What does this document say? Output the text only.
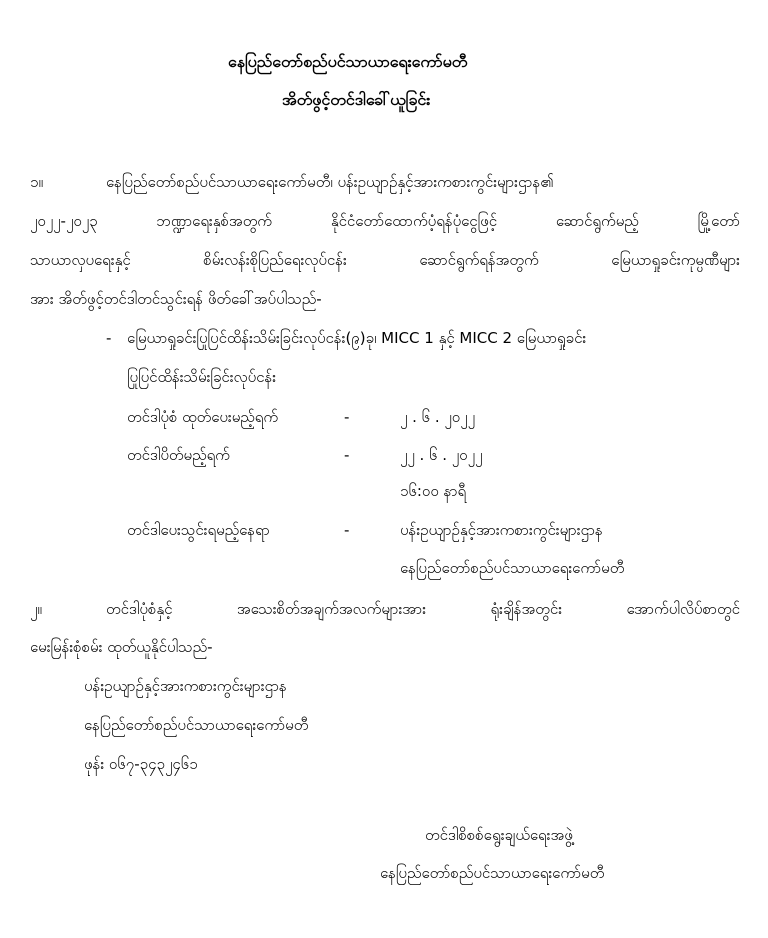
နေပြည်တော်စည်ပင်သာယာရေးကော်မတီ
အိတ်ဖွင့်တင်ဒါခေါ်ယူခြင်း
၁။	နေပြည်တော်စည်ပင်သာယာရေးကော်မတီ၊ ပန်းဥယျာဉ်နှင့်အားကစားကွင်းများဌာန၏
၂၀၂၂-၂၀၂၃ ဘဏ္ဍာရေးနှစ်အတွက် နိုင်ငံတော်ထောက်ပံ့ရန်ပုံငွေဖြင့် ဆောင်ရွက်မည့် မြို့တော်
သာယာလှပရေးနှင့် စိမ်းလန်းစိုပြည်ရေးလုပ်ငန်း ဆောင်ရွက်ရန်အတွက် မြေယာရှုခင်းကုမ္ပဏီများ
အား အိတ်ဖွင့်တင်ဒါတင်သွင်းရန် ဖိတ်ခေါ်အပ်ပါသည်-
- မြေယာရှုခင်းပြုပြင်ထိန်းသိမ်းခြင်းလုပ်ငန်း(၉)ခု၊ MICC 1 နှင့် MICC 2 မြေယာရှုခင်း
ပြုပြင်ထိန်းသိမ်းခြင်းလုပ်ငန်း
တင်ဒါပုံစံ ထုတ်ပေးမည့်ရက်	-	၂ . ၆ . ၂၀၂၂
တင်ဒါပိတ်မည့်ရက်	-	၂၂ . ၆ . ၂၀၂၂
၁၆:၀၀ နာရီ
တင်ဒါပေးသွင်းရမည့်နေရာ	-	ပန်းဥယျာဉ်နှင့်အားကစားကွင်းများဌာန
နေပြည်တော်စည်ပင်သာယာရေးကော်မတီ
၂။	တင်ဒါပုံစံနှင့် အသေးစိတ်အချက်အလက်များအား ရုံးချိန်အတွင်း အောက်ပါလိပ်စာတွင်
မေးမြန်းစုံစမ်း ထုတ်ယူနိုင်ပါသည်-
ပန်းဥယျာဉ်နှင့်အားကစားကွင်းများဌာန
နေပြည်တော်စည်ပင်သာယာရေးကော်မတီ
ဖုန်း ၀၆၇-၃၄၃၂၄၆၁
တင်ဒါစိစစ်ရွေးချယ်ရေးအဖွဲ့
နေပြည်တော်စည်ပင်သာယာရေးကော်မတီ
